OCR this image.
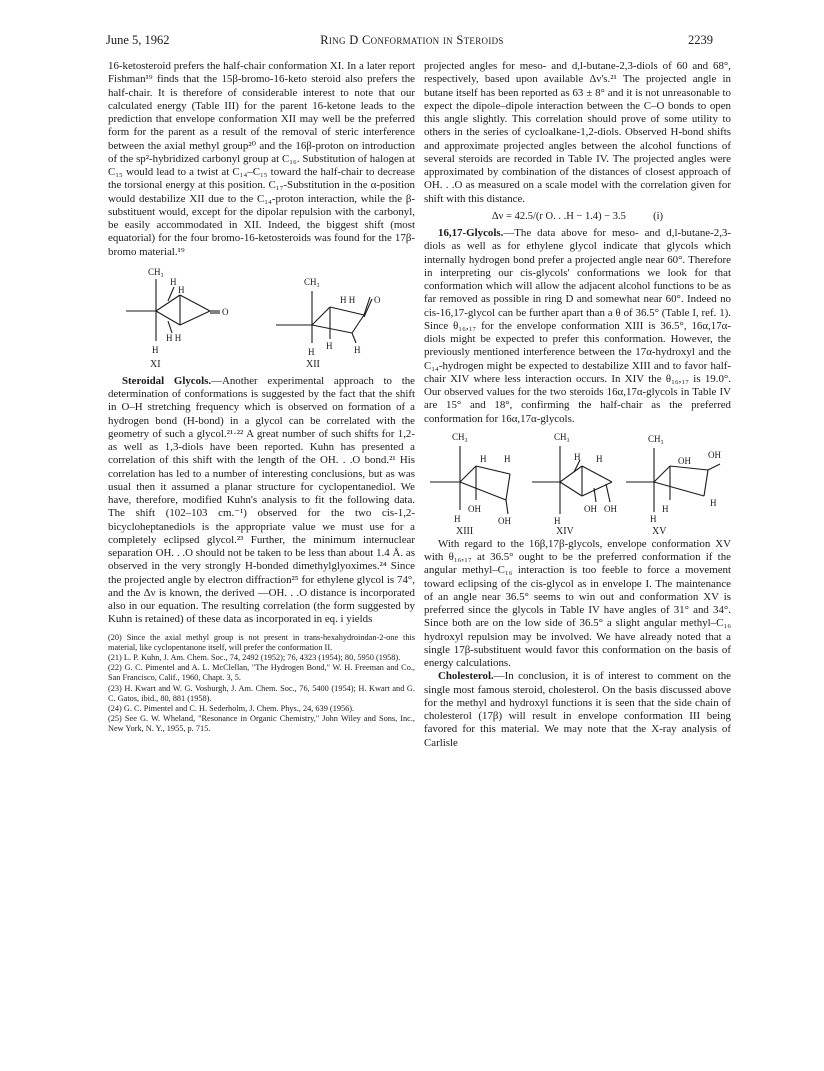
June 5, 1962	Ring D Conformation in Steroids	2239

16-ketosteroid prefers the half-chair conformation XI. In a later report Fishman¹⁹ finds that the 15β-bromo-16-keto steroid also prefers the half-chair. It is therefore of considerable interest to note that our calculated energy (Table III) for the parent 16-ketone leads to the prediction that envelope conformation XII may well be the preferred form for the parent as a result of the removal of steric interference between the axial methyl group²⁰ and the 16β-proton on introduction of the sp²-hybridized carbonyl group at C₁₆. Substitution of halogen at C₁₅ would lead to a twist at C₁₄–C₁₅ toward the half-chair to decrease the torsional energy at this position. C₁₇-Substitution in the α-position would destabilize XII due to the C₁₄-proton interaction, while the β-substituent would, except for the dipolar repulsion with the carbonyl, be easily accommodated in XII. Indeed, the biggest shift (most equatorial) for the four bromo-16-ketosteroids was found for the 17β-bromo material.¹⁹

CH₃
H
H
O
H H
H
XI
CH₃
H H O
H H
H
XII

Steroidal Glycols.—Another experimental approach to the determination of conformations is suggested by the fact that the shift in O–H stretching frequency which is observed on formation of a hydrogen bond (H-bond) in a glycol can be correlated with the geometry of such a glycol.²¹·²² A great number of such shifts for 1,2- as well as 1,3-diols have been reported. Kuhn has presented a correlation of this shift with the length of the OH. . .O bond.²¹ His correlation has led to a number of interesting conclusions, but as was usual then it assumed a planar structure for cyclopentanediol. We have, therefore, modified Kuhn's analysis to fit the following data. The shift (102–103 cm.⁻¹) observed for the two cis-1,2-bicycloheptanediols is the appropriate value we must use for a completely eclipsed glycol.²³ Further, the minimum internuclear separation OH. . .O should not be taken to be less than about 1.4 Å. as observed in the very strongly H-bonded dimethylglyoximes.²⁴ Since the projected angle by electron diffraction²⁵ for ethylene glycol is 74°, and the Δν is known, the derived —OH. . .O distance is incorporated also in our equation. The resulting correlation (the form suggested by Kuhn is retained) of these data as incorporated in eq. i yields

(20) Since the axial methyl group is not present in trans-hexahydroindan-2-one this material, like cyclopentanone itself, will prefer the conformation II.

(21) L. P. Kuhn, J. Am. Chem. Soc., 74, 2492 (1952); 76, 4323 (1954); 80, 5950 (1958).

(22) G. C. Pimentel and A. L. McClellan, "The Hydrogen Bond," W. H. Freeman and Co., San Francisco, Calif., 1960, Chapt. 3, 5.

(23) H. Kwart and W. G. Vosburgh, J. Am. Chem. Soc., 76, 5400 (1954); H. Kwart and G. C. Gatos, ibid., 80, 881 (1958).

(24) G. C. Pimentel and C. H. Sederholm, J. Chem. Phys., 24, 639 (1956).

(25) See G. W. Wheland, "Resonance in Organic Chemistry," John Wiley and Sons, Inc., New York, N. Y., 1955, p. 715.

projected angles for meso- and d,l-butane-2,3-diols of 60 and 68°, respectively, based upon available Δν's.²¹ The projected angle in butane itself has been reported as 63 ± 8° and it is not unreasonable to expect the dipole–dipole interaction between the C–O bonds to open this angle slightly. This correlation should prove of some utility to others in the series of cycloalkane-1,2-diols. Observed H-bond shifts and approximate projected angles between the alcohol functions of several steroids are recorded in Table IV. The projected angles were approximated by combination of the distances of closest approach of OH. . .O as measured on a scale model with the correlation given for shift with this distance.

Δν = 42.5/(r O. . .H − 1.4) − 3.5	(i)

16,17-Glycols.—The data above for meso- and d,l-butane-2,3-diols as well as for ethylene glycol indicate that glycols which internally hydrogen bond prefer a projected angle near 60°. Therefore in interpreting our cis-glycols' conformations we look for that conformation which will allow the adjacent alcohol functions to be as far removed as possible in ring D and somewhat near 60°. Indeed no cis-16,17-glycol can be further apart than a θ of 36.5° (Table I, ref. 1). Since θ₁₆,₁₇ for the envelope conformation XIII is 36.5°, 16α,17α-diols might be expected to prefer this conformation. However, the previously mentioned interference between the 17α-hydroxyl and the C₁₄-hydrogen might be expected to destabilize XIII and to favor half-chair XIV where less interaction occurs. In XIV the θ₁₆,₁₇ is 19.0°. Our observed values for the two steroids 16α,17α-glycols in Table IV are 15° and 18°, confirming the half-chair as the preferred conformation for 16α,17α-glycols.

CH₃
H H
OH
OH
H
XIII
CH₃
H H
OH OH
H
XIV
CH₃
OH
OH
H
H
H
XV

With regard to the 16β,17β-glycols, envelope conformation XV with θ₁₆,₁₇ at 36.5° ought to be the preferred conformation if the angular methyl–C₁₆ interaction is too feeble to force a movement toward eclipsing of the cis-glycol as in envelope I. The maintenance of an angle near 36.5° seems to win out and conformation XV is preferred since the glycols in Table IV have angles of 31° and 34°. Since both are on the low side of 36.5° a slight angular methyl–C₁₆ hydroxyl repulsion may be involved. We have already noted that a single 17β-substituent would favor this conformation on the basis of energy calculations.

Cholesterol.—In conclusion, it is of interest to comment on the single most famous steroid, cholesterol. On the basis discussed above for the methyl and hydroxyl functions it is seen that the side chain of cholesterol (17β) will result in envelope conformation III being favored for this material. We may note that the X-ray analysis of Carlisle
